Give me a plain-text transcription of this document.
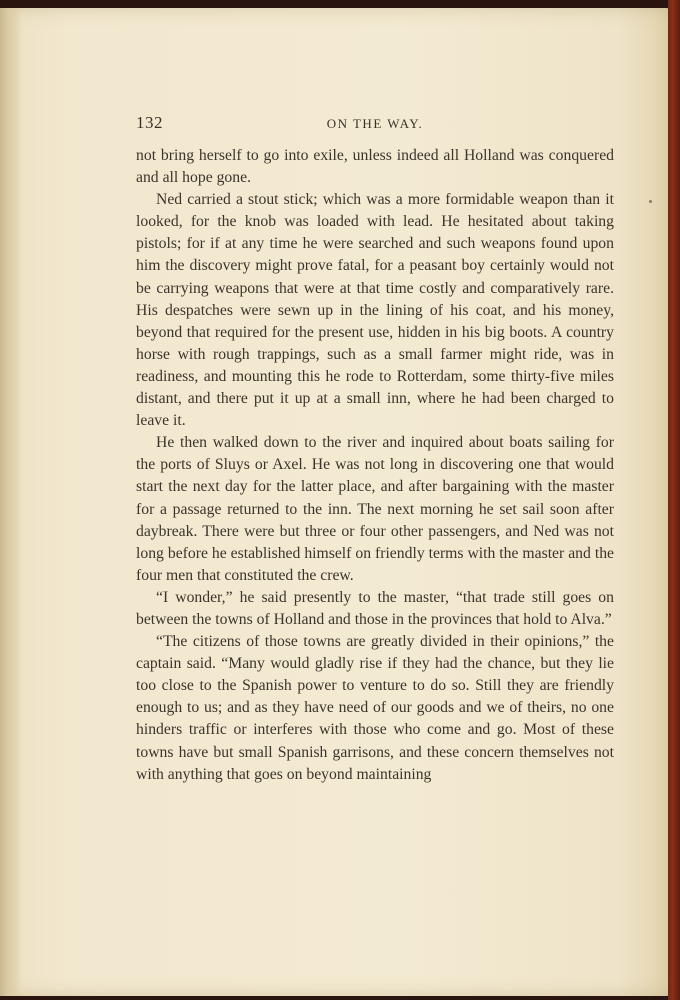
132	ON THE WAY.

not bring herself to go into exile, unless indeed all Holland was conquered and all hope gone.

Ned carried a stout stick; which was a more formidable weapon than it looked, for the knob was loaded with lead. He hesitated about taking pistols; for if at any time he were searched and such weapons found upon him the discovery might prove fatal, for a peasant boy certainly would not be carrying weapons that were at that time costly and comparatively rare. His despatches were sewn up in the lining of his coat, and his money, beyond that required for the present use, hidden in his big boots. A country horse with rough trappings, such as a small farmer might ride, was in readiness, and mounting this he rode to Rotterdam, some thirty-five miles distant, and there put it up at a small inn, where he had been charged to leave it.

He then walked down to the river and inquired about boats sailing for the ports of Sluys or Axel. He was not long in discovering one that would start the next day for the latter place, and after bargaining with the master for a passage returned to the inn. The next morning he set sail soon after daybreak. There were but three or four other passengers, and Ned was not long before he established himself on friendly terms with the master and the four men that constituted the crew.

“I wonder,” he said presently to the master, “that trade still goes on between the towns of Holland and those in the provinces that hold to Alva.”

“The citizens of those towns are greatly divided in their opinions,” the captain said. “Many would gladly rise if they had the chance, but they lie too close to the Spanish power to venture to do so. Still they are friendly enough to us; and as they have need of our goods and we of theirs, no one hinders traffic or interferes with those who come and go. Most of these towns have but small Spanish garrisons, and these concern themselves not with anything that goes on beyond maintaining
